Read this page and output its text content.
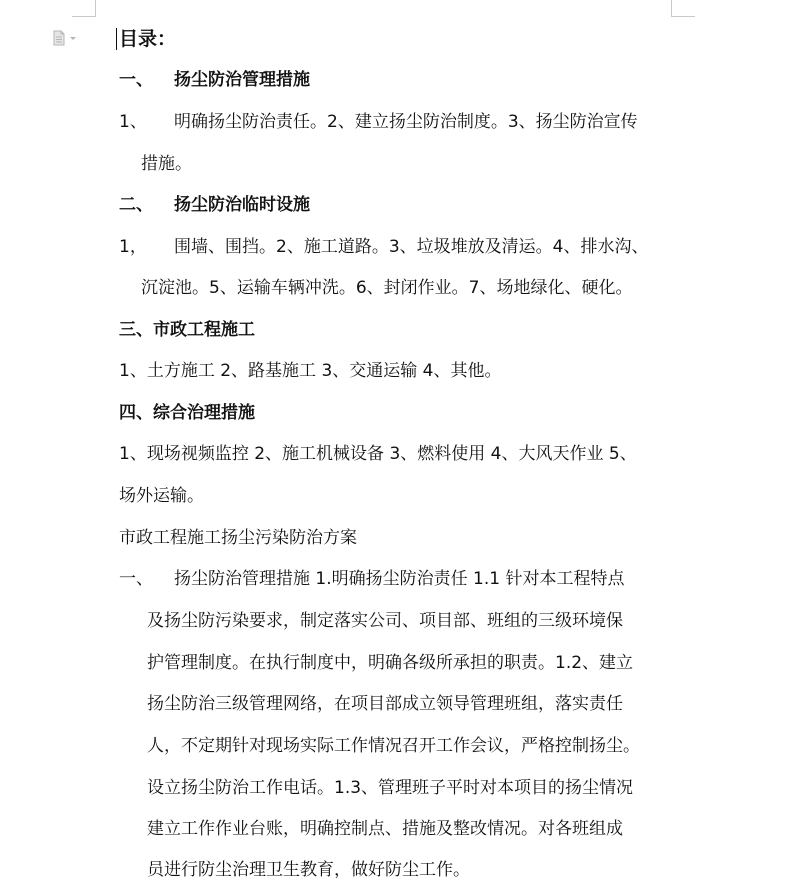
目录：
一、 扬尘防治管理措施
1、 明确扬尘防治责任。2、建立扬尘防治制度。3、扬尘防治宣传
措施。
二、 扬尘防治临时设施
1， 围墙、围挡。2、施工道路。3、垃圾堆放及清运。4、排水沟、
沉淀池。5、运输车辆冲洗。6、封闭作业。7、场地绿化、硬化。
三、市政工程施工
1、土方施工 2、路基施工 3、交通运输 4、其他。
四、综合治理措施
1、现场视频监控 2、施工机械设备 3、燃料使用 4、大风天作业 5、
场外运输。
市政工程施工扬尘污染防治方案
一、 扬尘防治管理措施 1.明确扬尘防治责任 1.1 针对本工程特点
及扬尘防污染要求，制定落实公司、项目部、班组的三级环境保
护管理制度。在执行制度中，明确各级所承担的职责。1.2、建立
扬尘防治三级管理网络，在项目部成立领导管理班组，落实责任
人，不定期针对现场实际工作情况召开工作会议，严格控制扬尘。
设立扬尘防治工作电话。1.3、管理班子平时对本项目的扬尘情况
建立工作作业台账，明确控制点、措施及整改情况。对各班组成
员进行防尘治理卫生教育，做好防尘工作。
